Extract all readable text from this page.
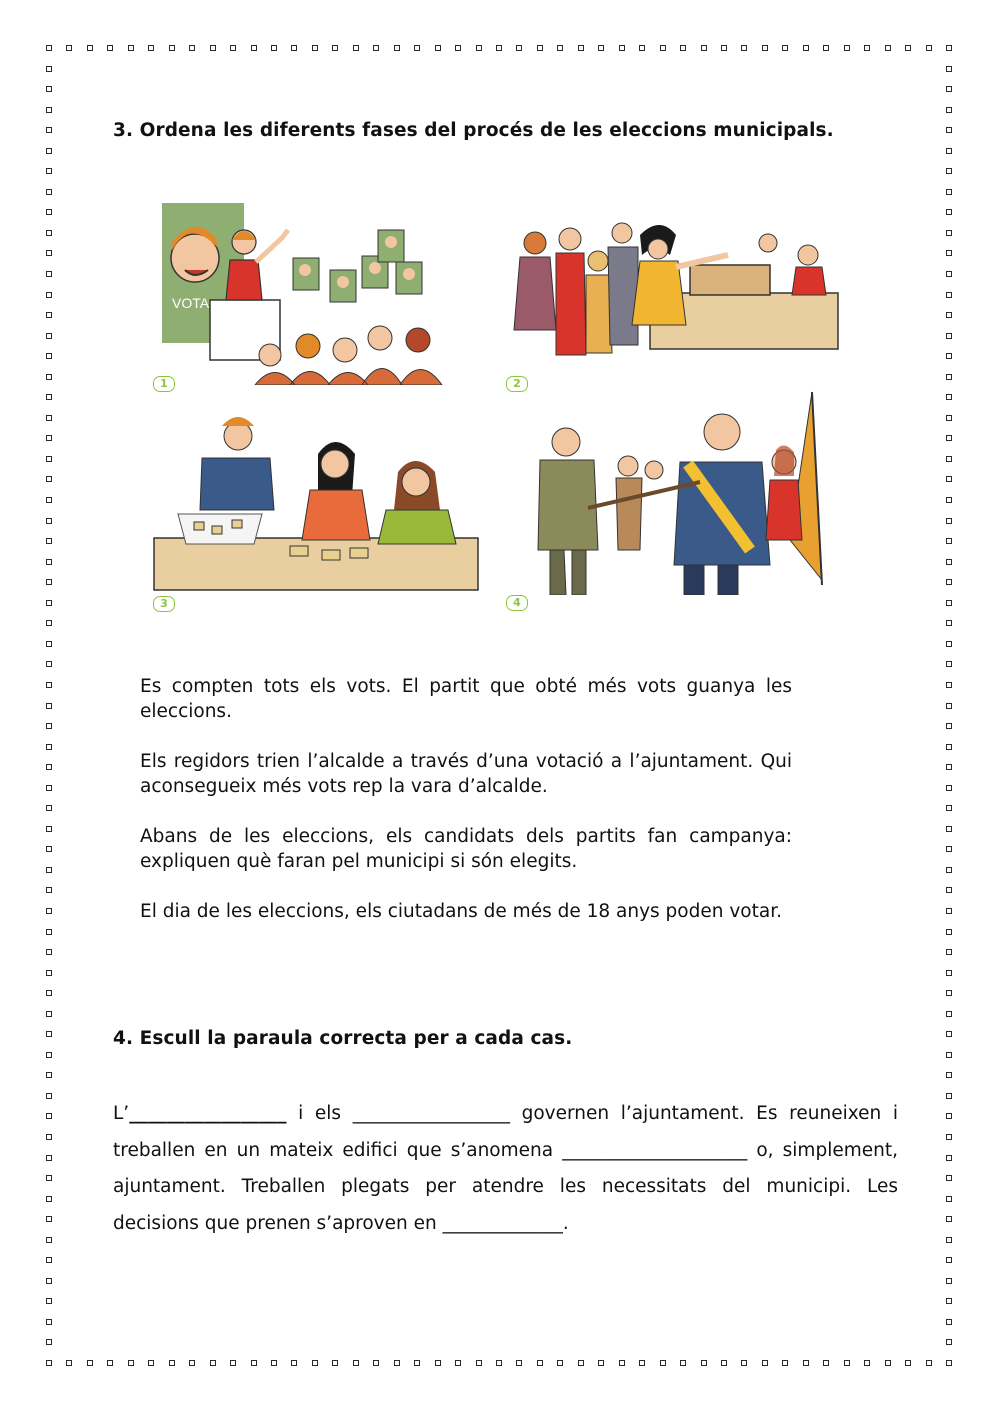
3. Ordena les diferents fases del procés de les eleccions municipals.
VOTA
1	2
3	4

Es compten tots els vots. El partit que obté més vots guanya les eleccions.

Els regidors trien l’alcalde a través d’una votació a l’ajuntament. Qui aconsegueix més vots rep la vara d’alcalde.

Abans de les eleccions, els candidats dels partits fan campanya: expliquen què faran pel municipi si són elegits.

El dia de les eleccions, els ciutadans de més de 18 anys poden votar.

4. Escull la paraula correcta per a cada cas.

L’_________________ i els _________________ governen l’ajuntament. Es reuneixen i treballen en un mateix edifici que s’anomena ____________________ o, simplement, ajuntament. Treballen plegats per atendre les necessitats del municipi. Les decisions que prenen s’aproven en _____________.
